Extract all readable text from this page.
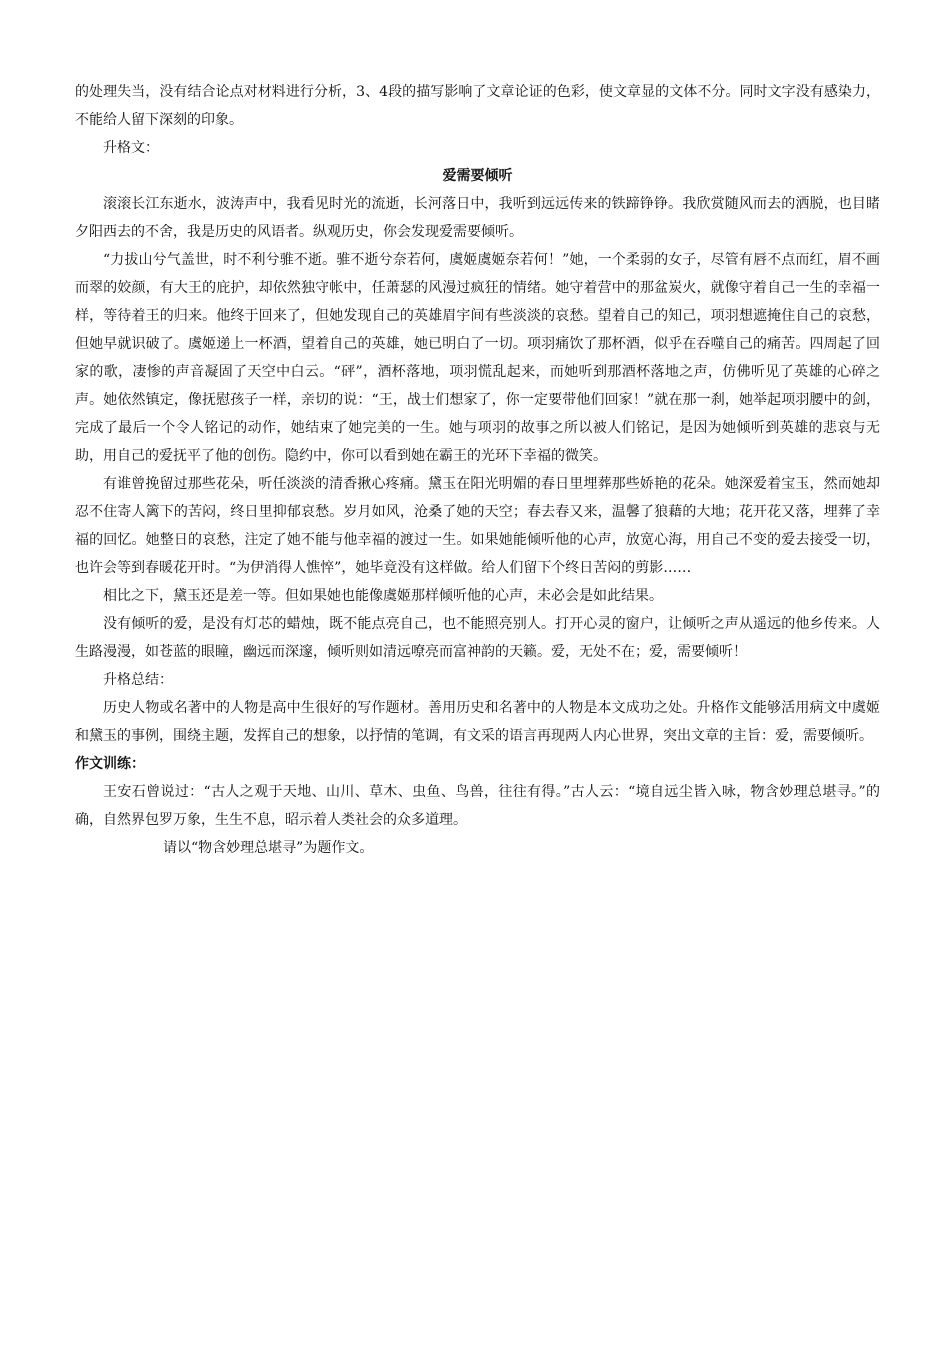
的处理失当，没有结合论点对材料进行分析，3、4段的描写影响了文章论证的色彩，使文章显的文体不分。同时文字没有感染力，不能给人留下深刻的印象。

升格文：

爱需要倾听

滚滚长江东逝水，波涛声中，我看见时光的流逝，长河落日中，我听到远远传来的铁蹄铮铮。我欣赏随风而去的洒脱，也目睹夕阳西去的不舍，我是历史的风语者。纵观历史，你会发现爱需要倾听。

“力拔山兮气盖世，时不利兮骓不逝。骓不逝兮奈若何，虞姬虞姬奈若何！”她，一个柔弱的女子，尽管有唇不点而红，眉不画而翠的姣颜，有大王的庇护，却依然独守帐中，任萧瑟的风漫过疯狂的情绪。她守着营中的那盆炭火，就像守着自己一生的幸福一样，等待着王的归来。他终于回来了，但她发现自己的英雄眉宇间有些淡淡的哀愁。望着自己的知己，项羽想遮掩住自己的哀愁，但她早就识破了。虞姬递上一杯酒，望着自己的英雄，她已明白了一切。项羽痛饮了那杯酒，似乎在吞噬自己的痛苦。四周起了回家的歌，凄惨的声音凝固了天空中白云。“砰”，酒杯落地，项羽慌乱起来，而她听到那酒杯落地之声，仿佛听见了英雄的心碎之声。她依然镇定，像抚慰孩子一样，亲切的说：“王，战士们想家了，你一定要带他们回家！”就在那一刹，她举起项羽腰中的剑，完成了最后一个令人铭记的动作，她结束了她完美的一生。她与项羽的故事之所以被人们铭记，是因为她倾听到英雄的悲哀与无助，用自己的爱抚平了他的创伤。隐约中，你可以看到她在霸王的光环下幸福的微笑。

有谁曾挽留过那些花朵，听任淡淡的清香揪心疼痛。黛玉在阳光明媚的春日里埋葬那些娇艳的花朵。她深爱着宝玉，然而她却忍不住寄人篱下的苦闷，终日里抑郁哀愁。岁月如风，沧桑了她的天空；春去春又来，温馨了狼藉的大地；花开花又落，埋葬了幸福的回忆。她整日的哀愁，注定了她不能与他幸福的渡过一生。如果她能倾听他的心声，放宽心海，用自己不变的爱去接受一切，也许会等到春暖花开时。“为伊消得人憔悴”，她毕竟没有这样做。给人们留下个终日苦闷的剪影……

相比之下，黛玉还是差一等。但如果她也能像虞姬那样倾听他的心声，未必会是如此结果。

没有倾听的爱，是没有灯芯的蜡烛，既不能点亮自己，也不能照亮别人。打开心灵的窗户，让倾听之声从遥远的他乡传来。人生路漫漫，如苍蓝的眼瞳，幽远而深邃，倾听则如清远嘹亮而富神韵的天籁。爱，无处不在；爱，需要倾听！

升格总结：

历史人物或名著中的人物是高中生很好的写作题材。善用历史和名著中的人物是本文成功之处。升格作文能够活用病文中虞姬和黛玉的事例，围绕主题，发挥自己的想象，以抒情的笔调，有文采的语言再现两人内心世界，突出文章的主旨：爱，需要倾听。

作文训练：

王安石曾说过：“古人之观于天地、山川、草木、虫鱼、鸟兽，往往有得。”古人云：“境自远尘皆入咏，物含妙理总堪寻。”的确，自然界包罗万象，生生不息，昭示着人类社会的众多道理。

请以“物含妙理总堪寻”为题作文。
